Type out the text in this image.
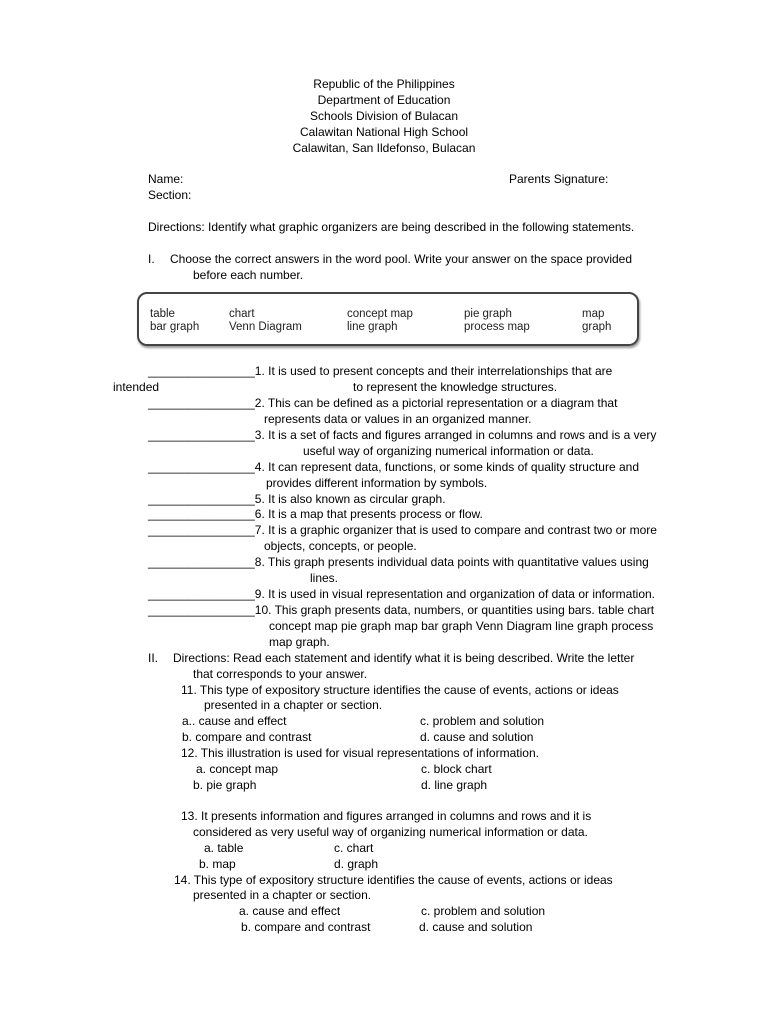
Republic of the Philippines
Department of Education
Schools Division of Bulacan
Calawitan National High School
Calawitan, San Ildefonso, Bulacan
Name:
Section:
Parents Signature:
Directions: Identify what graphic organizers are being described in the following statements.
I. Choose the correct answers in the word pool. Write your answer on the space provided
before each number.
table	chart	concept map	pie graph	map
bar graph	Venn Diagram	line graph	process map	graph
________________1. It is used to present concepts and their interrelationships that are
intended	to represent the knowledge structures.
________________2. This can be defined as a pictorial representation or a diagram that
represents data or values in an organized manner.
________________3. It is a set of facts and figures arranged in columns and rows and is a very
useful way of organizing numerical information or data.
________________4. It can represent data, functions, or some kinds of quality structure and
provides different information by symbols.
________________5. It is also known as circular graph.
________________6. It is a map that presents process or flow.
________________7. It is a graphic organizer that is used to compare and contrast two or more
objects, concepts, or people.
________________8. This graph presents individual data points with quantitative values using
lines.
________________9. It is used in visual representation and organization of data or information.
________________10. This graph presents data, numbers, or quantities using bars. table chart
concept map pie graph map bar graph Venn Diagram line graph process
map graph.
II. Directions: Read each statement and identify what it is being described. Write the letter
that corresponds to your answer.
11. This type of expository structure identifies the cause of events, actions or ideas
presented in a chapter or section.
a.. cause and effect	c. problem and solution
b. compare and contrast	d. cause and solution
12. This illustration is used for visual representations of information.
a. concept map	c. block chart
b. pie graph	d. line graph
13. It presents information and figures arranged in columns and rows and it is
considered as very useful way of organizing numerical information or data.
a. table	c. chart
b. map	d. graph
14. This type of expository structure identifies the cause of events, actions or ideas
presented in a chapter or section.
a. cause and effect	c. problem and solution
b. compare and contrast	d. cause and solution
